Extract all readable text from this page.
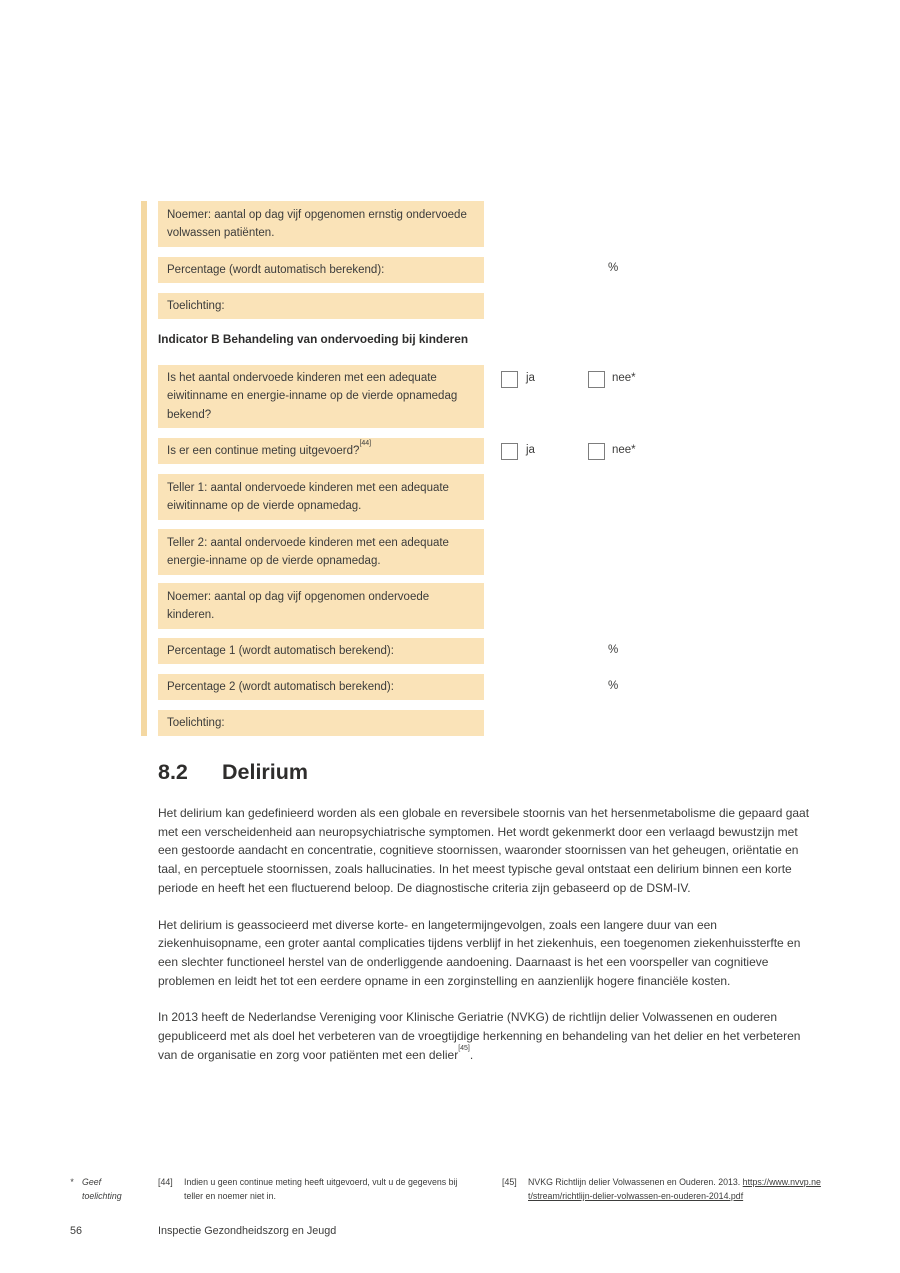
Noemer: aantal op dag vijf opgenomen ernstig ondervoede volwassen patiënten.
Percentage (wordt automatisch berekend):	%
Toelichting:
Indicator B Behandeling van ondervoeding bij kinderen
Is het aantal ondervoede kinderen met een adequate eiwitinname en energie-inname op de vierde opnamedag bekend?
ja	nee*
Is er een continue meting uitgevoerd?[44]
ja	nee*
Teller 1: aantal ondervoede kinderen met een adequate eiwitinname op de vierde opnamedag.
Teller 2: aantal ondervoede kinderen met een adequate energie-inname op de vierde opnamedag.
Noemer: aantal op dag vijf opgenomen ondervoede kinderen.
Percentage 1 (wordt automatisch berekend):	%
Percentage 2 (wordt automatisch berekend):	%
Toelichting:
8.2 Delirium

Het delirium kan gedefinieerd worden als een globale en reversibele stoornis van het hersenmetabolisme die gepaard gaat met een verscheidenheid aan neuropsychiatrische symptomen. Het wordt gekenmerkt door een verlaagd bewustzijn met een gestoorde aandacht en concentratie, cognitieve stoornissen, waaronder stoornissen van het geheugen, oriëntatie en taal, en perceptuele stoornissen, zoals hallucinaties. In het meest typische geval ontstaat een delirium binnen een korte periode en heeft het een fluctuerend beloop. De diagnostische criteria zijn gebaseerd op de DSM-IV.

Het delirium is geassocieerd met diverse korte- en langetermijngevolgen, zoals een langere duur van een ziekenhuisopname, een groter aantal complicaties tijdens verblijf in het ziekenhuis, een toegenomen ziekenhuissterfte en een slechter functioneel herstel van de onderliggende aandoening. Daarnaast is het een voorspeller van cognitieve problemen en leidt het tot een eerdere opname in een zorginstelling en aanzienlijk hogere financiële kosten.

In 2013 heeft de Nederlandse Vereniging voor Klinische Geriatrie (NVKG) de richtlijn delier Volwassenen en ouderen gepubliceerd met als doel het verbeteren van de vroegtijdige herkenning en behandeling van het delier en het verbeteren van de organisatie en zorg voor patiënten met een delier[45].

* Geef toelichting
[44] Indien u geen continue meting heeft uitgevoerd, vult u de gegevens bij teller en noemer niet in.
[45] NVKG Richtlijn delier Volwassenen en Ouderen. 2013. https://www.nvvp.net/stream/richtlijn-delier-volwassen-en-ouderen-2014.pdf
56	Inspectie Gezondheidszorg en Jeugd
